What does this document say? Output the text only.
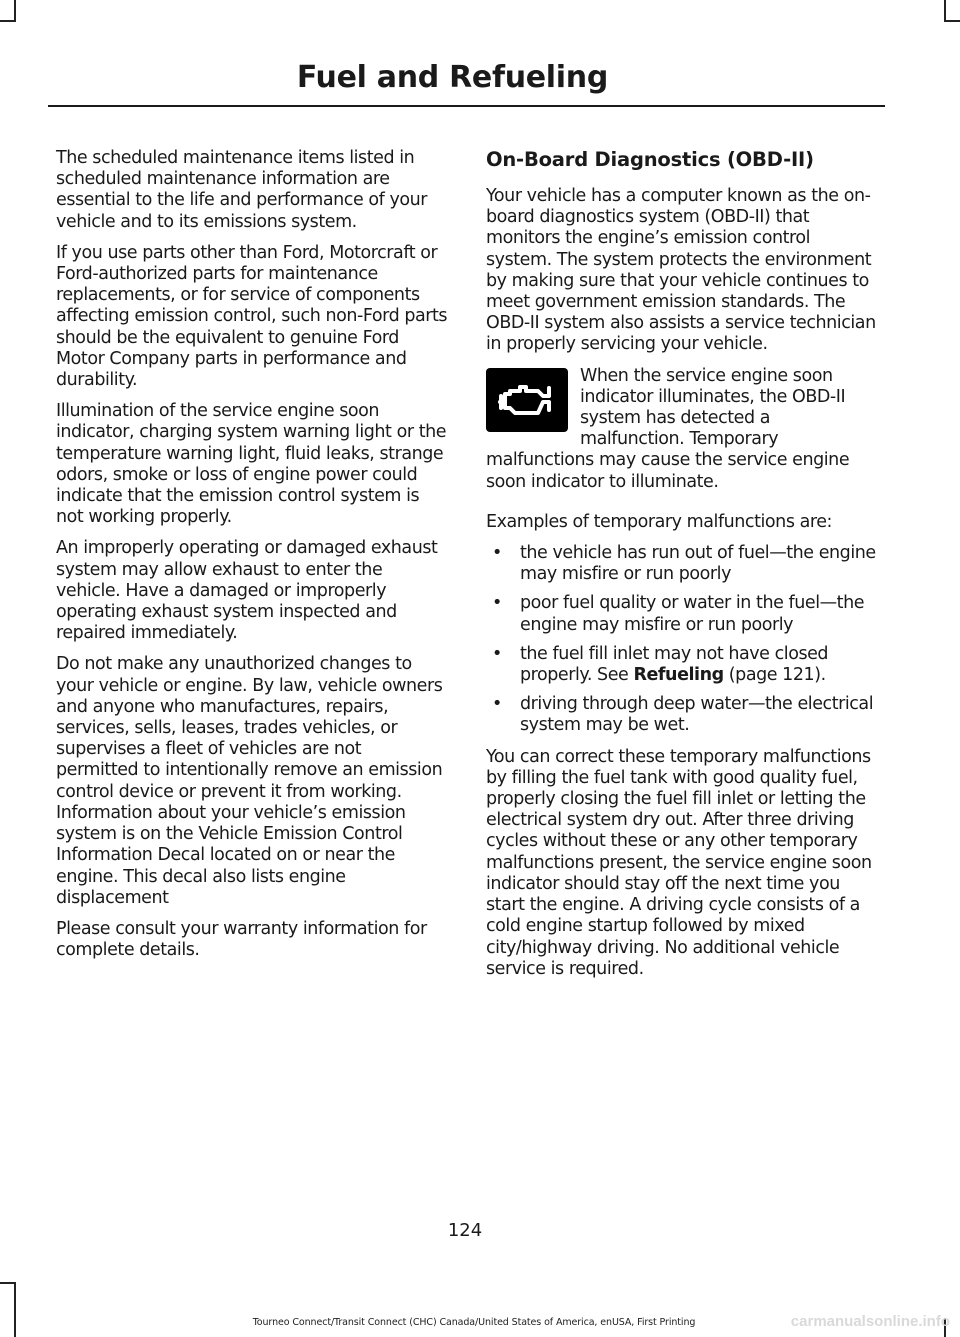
Fuel and Refueling

The scheduled maintenance items listed in scheduled maintenance information are essential to the life and performance of your vehicle and to its emissions system.

If you use parts other than Ford, Motorcraft or Ford-authorized parts for maintenance replacements, or for service of components affecting emission control, such non-Ford parts should be the equivalent to genuine Ford Motor Company parts in performance and durability.

Illumination of the service engine soon indicator, charging system warning light or the temperature warning light, fluid leaks, strange odors, smoke or loss of engine power could indicate that the emission control system is not working properly.

An improperly operating or damaged exhaust system may allow exhaust to enter the vehicle. Have a damaged or improperly operating exhaust system inspected and repaired immediately.

Do not make any unauthorized changes to your vehicle or engine. By law, vehicle owners and anyone who manufactures, repairs, services, sells, leases, trades vehicles, or supervises a fleet of vehicles are not permitted to intentionally remove an emission control device or prevent it from working. Information about your vehicle’s emission system is on the Vehicle Emission Control Information Decal located on or near the engine. This decal also lists engine displacement

Please consult your warranty information for complete details.

On-Board Diagnostics (OBD-II)

Your vehicle has a computer known as the on-board diagnostics system (OBD-II) that monitors the engine’s emission control system. The system protects the environment by making sure that your vehicle continues to meet government emission standards. The OBD-II system also assists a service technician in properly servicing your vehicle.

When the service engine soon indicator illuminates, the OBD-II system has detected a malfunction. Temporary malfunctions may cause the service engine soon indicator to illuminate.

Examples of temporary malfunctions are:

• the vehicle has run out of fuel—the engine may misfire or run poorly
• poor fuel quality or water in the fuel—the engine may misfire or run poorly
• the fuel fill inlet may not have closed properly. See Refueling (page 121).
• driving through deep water—the electrical system may be wet.

You can correct these temporary malfunctions by filling the fuel tank with good quality fuel, properly closing the fuel fill inlet or letting the electrical system dry out. After three driving cycles without these or any other temporary malfunctions present, the service engine soon indicator should stay off the next time you start the engine. A driving cycle consists of a cold engine startup followed by mixed city/highway driving. No additional vehicle service is required.

124
Tourneo Connect/Transit Connect (CHC) Canada/United States of America, enUSA, First Printing	carmanualsonline.info
